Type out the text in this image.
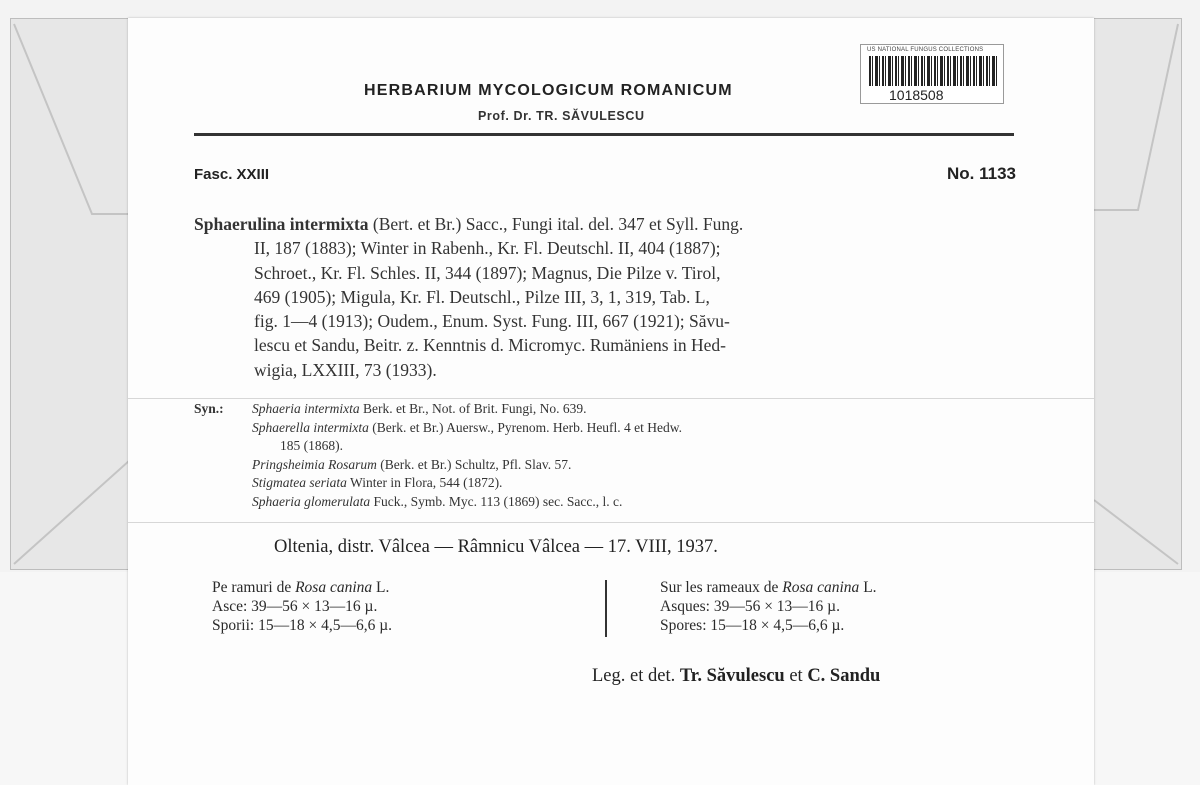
US NATIONAL FUNGUS COLLECTIONS
1018508
HERBARIUM MYCOLOGICUM ROMANICUM
Prof. Dr. TR. SĂVULESCU
Fasc. XXIII	No. 1133
Sphaerulina intermixta (Bert. et Br.) Sacc., Fungi ital. del. 347 et Syll. Fung.
II, 187 (1883); Winter in Rabenh., Kr. Fl. Deutschl. II, 404 (1887);
Schroet., Kr. Fl. Schles. II, 344 (1897); Magnus, Die Pilze v. Tirol,
469 (1905); Migula, Kr. Fl. Deutschl., Pilze III, 3, 1, 319, Tab. L,
fig. 1—4 (1913); Oudem., Enum. Syst. Fung. III, 667 (1921); Săvu-
lescu et Sandu, Beitr. z. Kenntnis d. Micromyc. Rumäniens in Hed-
wigia, LXXIII, 73 (1933).
Syn.: Sphaeria intermixta Berk. et Br., Not. of Brit. Fungi, No. 639.
Sphaerella intermixta (Berk. et Br.) Auersw., Pyrenom. Herb. Heufl. 4 et Hedw.
185 (1868).
Pringsheimia Rosarum (Berk. et Br.) Schultz, Pfl. Slav. 57.
Stigmatea seriata Winter in Flora, 544 (1872).
Sphaeria glomerulata Fuck., Symb. Myc. 113 (1869) sec. Sacc., l. c.
Oltenia, distr. Vâlcea — Râmnicu Vâlcea — 17. VIII, 1937.
Pe ramuri de Rosa canina L.
Asce: 39—56 × 13—16 µ.
Sporii: 15—18 × 4,5—6,6 µ.
Sur les rameaux de Rosa canina L.
Asques: 39—56 × 13—16 µ.
Spores: 15—18 × 4,5—6,6 µ.
Leg. et det. Tr. Săvulescu et C. Sandu
